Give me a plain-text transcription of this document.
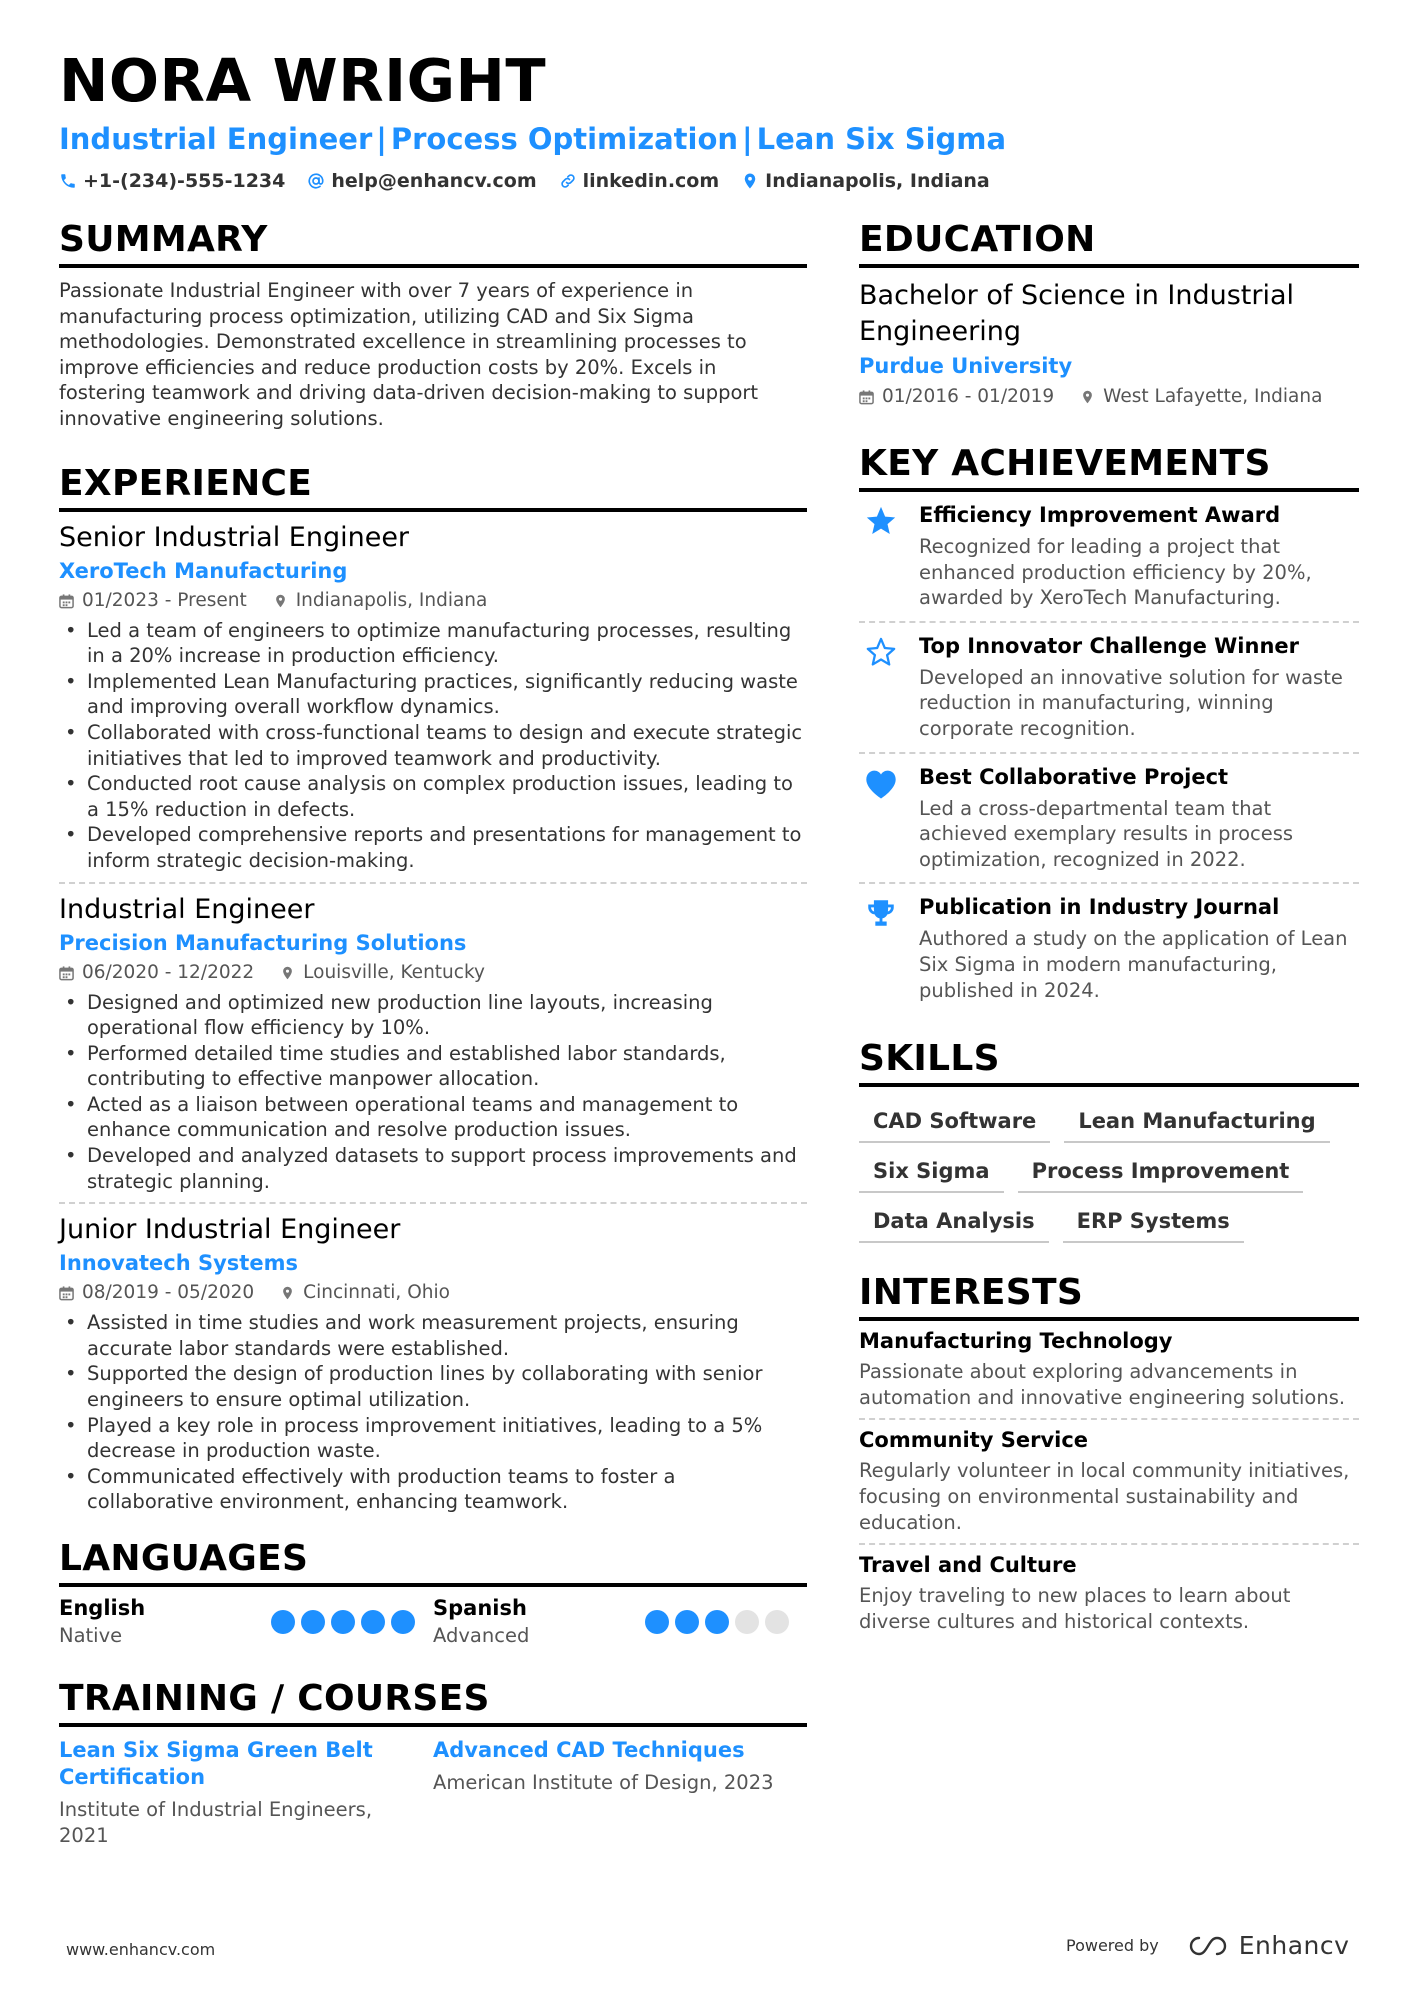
NORA WRIGHT
Industrial Engineer | Process Optimization | Lean Six Sigma
+1-(234)-555-1234 help@enhancv.com linkedin.com Indianapolis, Indiana
SUMMARY
Passionate Industrial Engineer with over 7 years of experience in manufacturing process optimization, utilizing CAD and Six Sigma methodologies. Demonstrated excellence in streamlining processes to improve efficiencies and reduce production costs by 20%. Excels in fostering teamwork and driving data-driven decision-making to support innovative engineering solutions.
EXPERIENCE
Senior Industrial Engineer
XeroTech Manufacturing
01/2023 - Present	Indianapolis, Indiana
• Led a team of engineers to optimize manufacturing processes, resulting in a 20% increase in production efficiency.
• Implemented Lean Manufacturing practices, significantly reducing waste and improving overall workflow dynamics.
• Collaborated with cross-functional teams to design and execute strategic initiatives that led to improved teamwork and productivity.
• Conducted root cause analysis on complex production issues, leading to a 15% reduction in defects.
• Developed comprehensive reports and presentations for management to inform strategic decision-making.
Industrial Engineer
Precision Manufacturing Solutions
06/2020 - 12/2022	Louisville, Kentucky
• Designed and optimized new production line layouts, increasing operational flow efficiency by 10%.
• Performed detailed time studies and established labor standards, contributing to effective manpower allocation.
• Acted as a liaison between operational teams and management to enhance communication and resolve production issues.
• Developed and analyzed datasets to support process improvements and strategic planning.
Junior Industrial Engineer
Innovatech Systems
08/2019 - 05/2020	Cincinnati, Ohio
• Assisted in time studies and work measurement projects, ensuring accurate labor standards were established.
• Supported the design of production lines by collaborating with senior engineers to ensure optimal utilization.
• Played a key role in process improvement initiatives, leading to a 5% decrease in production waste.
• Communicated effectively with production teams to foster a collaborative environment, enhancing teamwork.
LANGUAGES
English
Native
Spanish
Advanced
TRAINING / COURSES
Lean Six Sigma Green Belt Certification
Institute of Industrial Engineers, 2021
Advanced CAD Techniques
American Institute of Design, 2023
EDUCATION
Bachelor of Science in Industrial Engineering
Purdue University
01/2016 - 01/2019	West Lafayette, Indiana
KEY ACHIEVEMENTS
Efficiency Improvement Award
Recognized for leading a project that enhanced production efficiency by 20%, awarded by XeroTech Manufacturing.
Top Innovator Challenge Winner
Developed an innovative solution for waste reduction in manufacturing, winning corporate recognition.
Best Collaborative Project
Led a cross-departmental team that achieved exemplary results in process optimization, recognized in 2022.
Publication in Industry Journal
Authored a study on the application of Lean Six Sigma in modern manufacturing, published in 2024.
SKILLS
CAD Software	Lean Manufacturing
Six Sigma	Process Improvement
Data Analysis	ERP Systems
INTERESTS
Manufacturing Technology
Passionate about exploring advancements in automation and innovative engineering solutions.
Community Service
Regularly volunteer in local community initiatives, focusing on environmental sustainability and education.
Travel and Culture
Enjoy traveling to new places to learn about diverse cultures and historical contexts.
www.enhancv.com	Powered by	Enhancv
